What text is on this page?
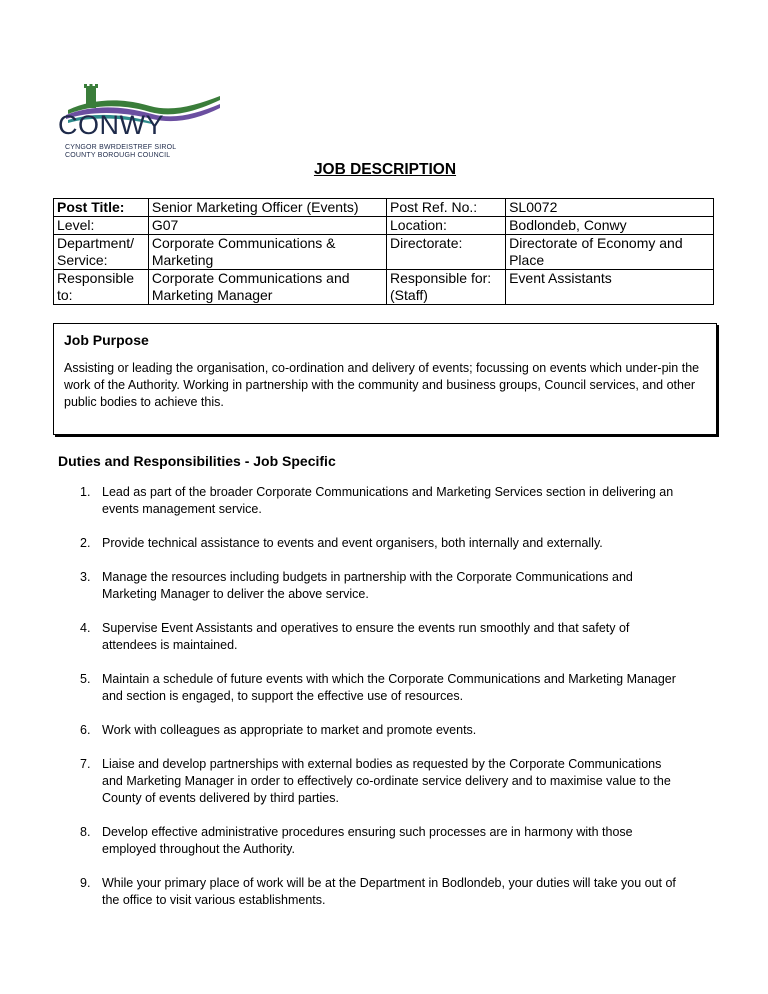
CONWY
CYNGOR BWRDEISTREF SIROL
COUNTY BOROUGH COUNCIL
JOB DESCRIPTION
Post Title:	Senior Marketing Officer (Events)	Post Ref. No.:	SL0072
Level:	G07	Location:	Bodlondeb, Conwy
Department/ Service:	Corporate Communications & Marketing	Directorate:	Directorate of Economy and Place
Responsible to:	Corporate Communications and Marketing Manager	Responsible for: (Staff)	Event Assistants
Job Purpose

Assisting or leading the organisation, co-ordination and delivery of events; focussing on events which under-pin the work of the Authority. Working in partnership with the community and business groups, Council services, and other public bodies to achieve this.

Duties and Responsibilities - Job Specific
1. Lead as part of the broader Corporate Communications and Marketing Services section in delivering an events management service.
2. Provide technical assistance to events and event organisers, both internally and externally.
3. Manage the resources including budgets in partnership with the Corporate Communications and Marketing Manager to deliver the above service.
4. Supervise Event Assistants and operatives to ensure the events run smoothly and that safety of attendees is maintained.
5. Maintain a schedule of future events with which the Corporate Communications and Marketing Manager and section is engaged, to support the effective use of resources.
6. Work with colleagues as appropriate to market and promote events.
7. Liaise and develop partnerships with external bodies as requested by the Corporate Communications and Marketing Manager in order to effectively co-ordinate service delivery and to maximise value to the County of events delivered by third parties.
8. Develop effective administrative procedures ensuring such processes are in harmony with those employed throughout the Authority.
9. While your primary place of work will be at the Department in Bodlondeb, your duties will take you out of the office to visit various establishments.
